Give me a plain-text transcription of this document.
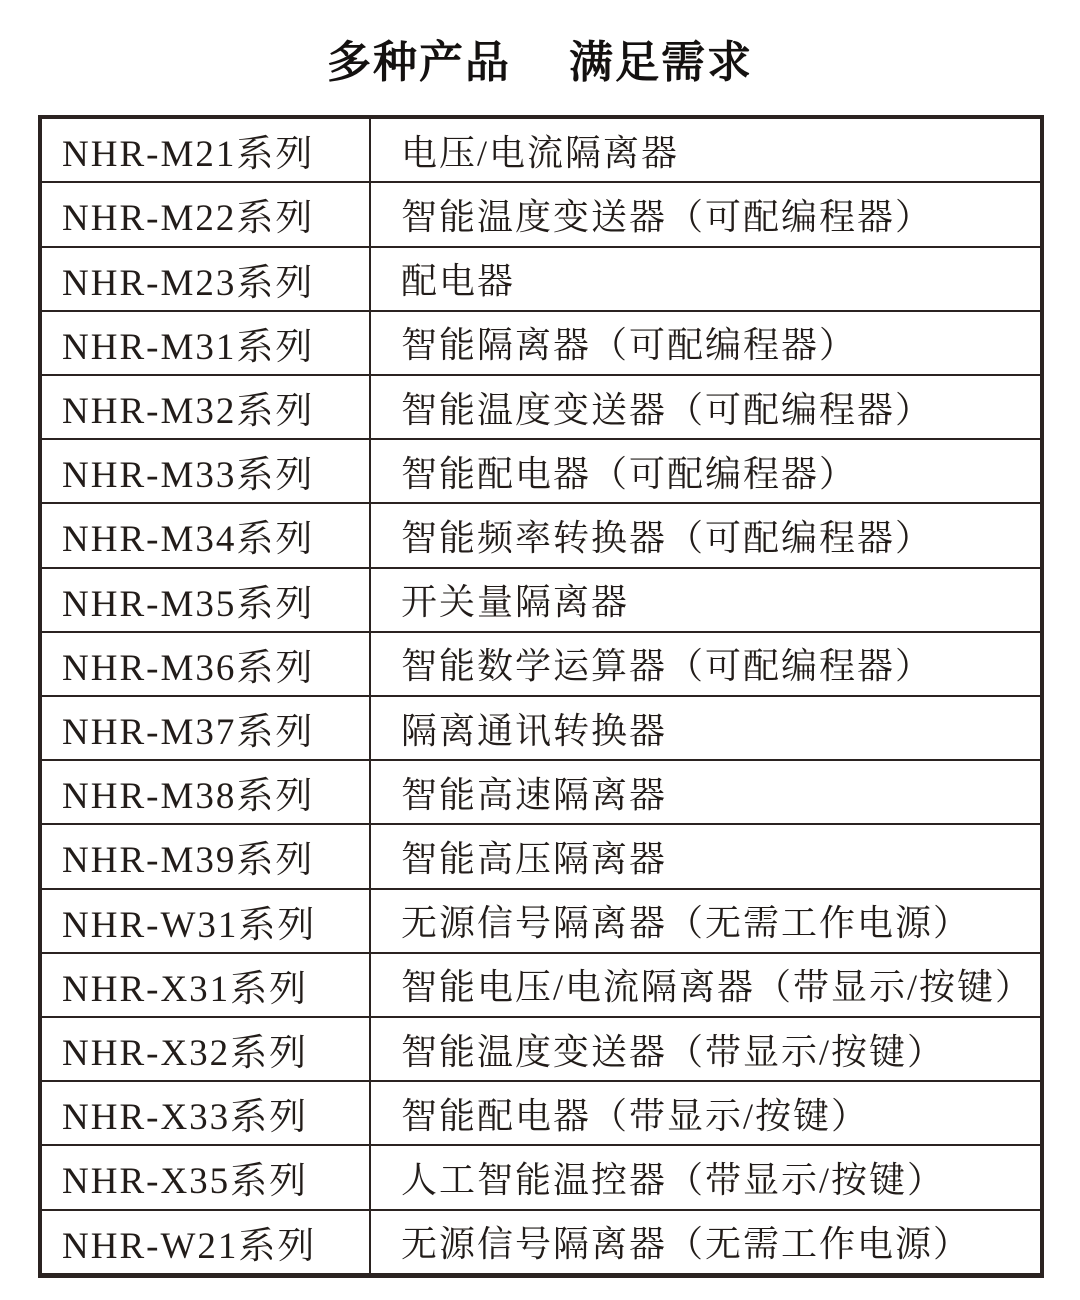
多种产品 满足需求
NHR-M21系列	电压/电流隔离器
NHR-M22系列	智能温度变送器（可配编程器）
NHR-M23系列	配电器
NHR-M31系列	智能隔离器（可配编程器）
NHR-M32系列	智能温度变送器（可配编程器）
NHR-M33系列	智能配电器（可配编程器）
NHR-M34系列	智能频率转换器（可配编程器）
NHR-M35系列	开关量隔离器
NHR-M36系列	智能数学运算器（可配编程器）
NHR-M37系列	隔离通讯转换器
NHR-M38系列	智能高速隔离器
NHR-M39系列	智能高压隔离器
NHR-W31系列	无源信号隔离器（无需工作电源）
NHR-X31系列	智能电压/电流隔离器（带显示/按键）
NHR-X32系列	智能温度变送器（带显示/按键）
NHR-X33系列	智能配电器（带显示/按键）
NHR-X35系列	人工智能温控器（带显示/按键）
NHR-W21系列	无源信号隔离器（无需工作电源）
